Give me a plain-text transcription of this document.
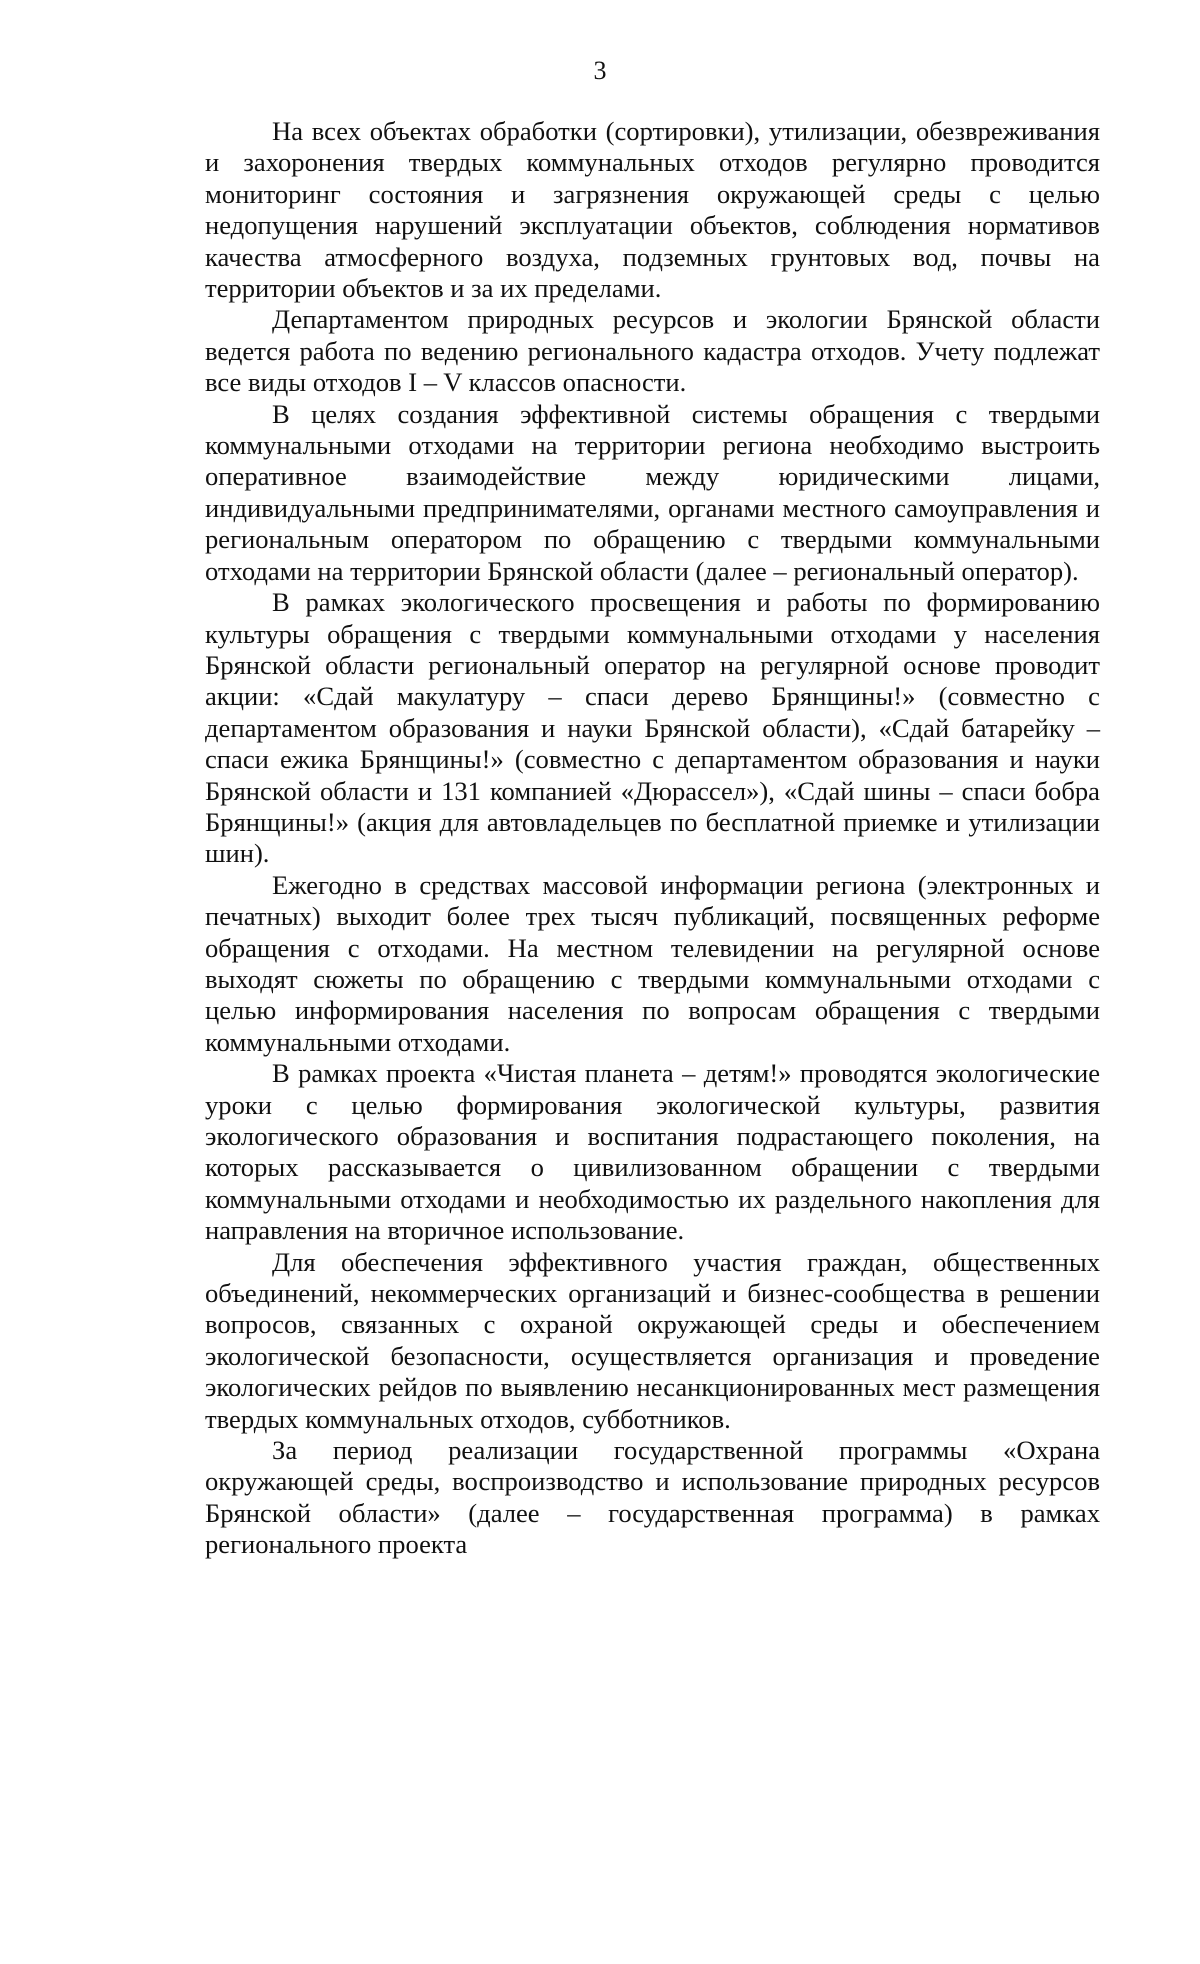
3

На всех объектах обработки (сортировки), утилизации, обезвреживания и захоронения твердых коммунальных отходов регулярно проводится мониторинг состояния и загрязнения окружающей среды с целью недопущения нарушений эксплуатации объектов, соблюдения нормативов качества атмосферного воздуха, подземных грунтовых вод, почвы на территории объектов и за их пределами.

Департаментом природных ресурсов и экологии Брянской области ведется работа по ведению регионального кадастра отходов. Учету подлежат все виды отходов I – V классов опасности.

В целях создания эффективной системы обращения с твердыми коммунальными отходами на территории региона необходимо выстроить оперативное взаимодействие между юридическими лицами, индивидуальными предпринимателями, органами местного самоуправления и региональным оператором по обращению с твердыми коммунальными отходами на территории Брянской области (далее – региональный оператор).

В рамках экологического просвещения и работы по формированию культуры обращения с твердыми коммунальными отходами у населения Брянской области региональный оператор на регулярной основе проводит акции: «Сдай макулатуру – спаси дерево Брянщины!» (совместно с департаментом образования и науки Брянской области), «Сдай батарейку – спаси ежика Брянщины!» (совместно с департаментом образования и науки Брянской области и 131 компанией «Дюрассел»), «Сдай шины – спаси бобра Брянщины!» (акция для автовладельцев по бесплатной приемке и утилизации шин).

Ежегодно в средствах массовой информации региона (электронных и печатных) выходит более трех тысяч публикаций, посвященных реформе обращения с отходами. На местном телевидении на регулярной основе выходят сюжеты по обращению с твердыми коммунальными отходами с целью информирования населения по вопросам обращения с твердыми коммунальными отходами.

В рамках проекта «Чистая планета – детям!» проводятся экологические уроки с целью формирования экологической культуры, развития экологического образования и воспитания подрастающего поколения, на которых рассказывается о цивилизованном обращении с твердыми коммунальными отходами и необходимостью их раздельного накопления для направления на вторичное использование.

Для обеспечения эффективного участия граждан, общественных объединений, некоммерческих организаций и бизнес-сообщества в решении вопросов, связанных с охраной окружающей среды и обеспечением экологической безопасности, осуществляется организация и проведение экологических рейдов по выявлению несанкционированных мест размещения твердых коммунальных отходов, субботников.

За период реализации государственной программы «Охрана окружающей среды, воспроизводство и использование природных ресурсов Брянской области» (далее – государственная программа) в рамках регионального проекта
